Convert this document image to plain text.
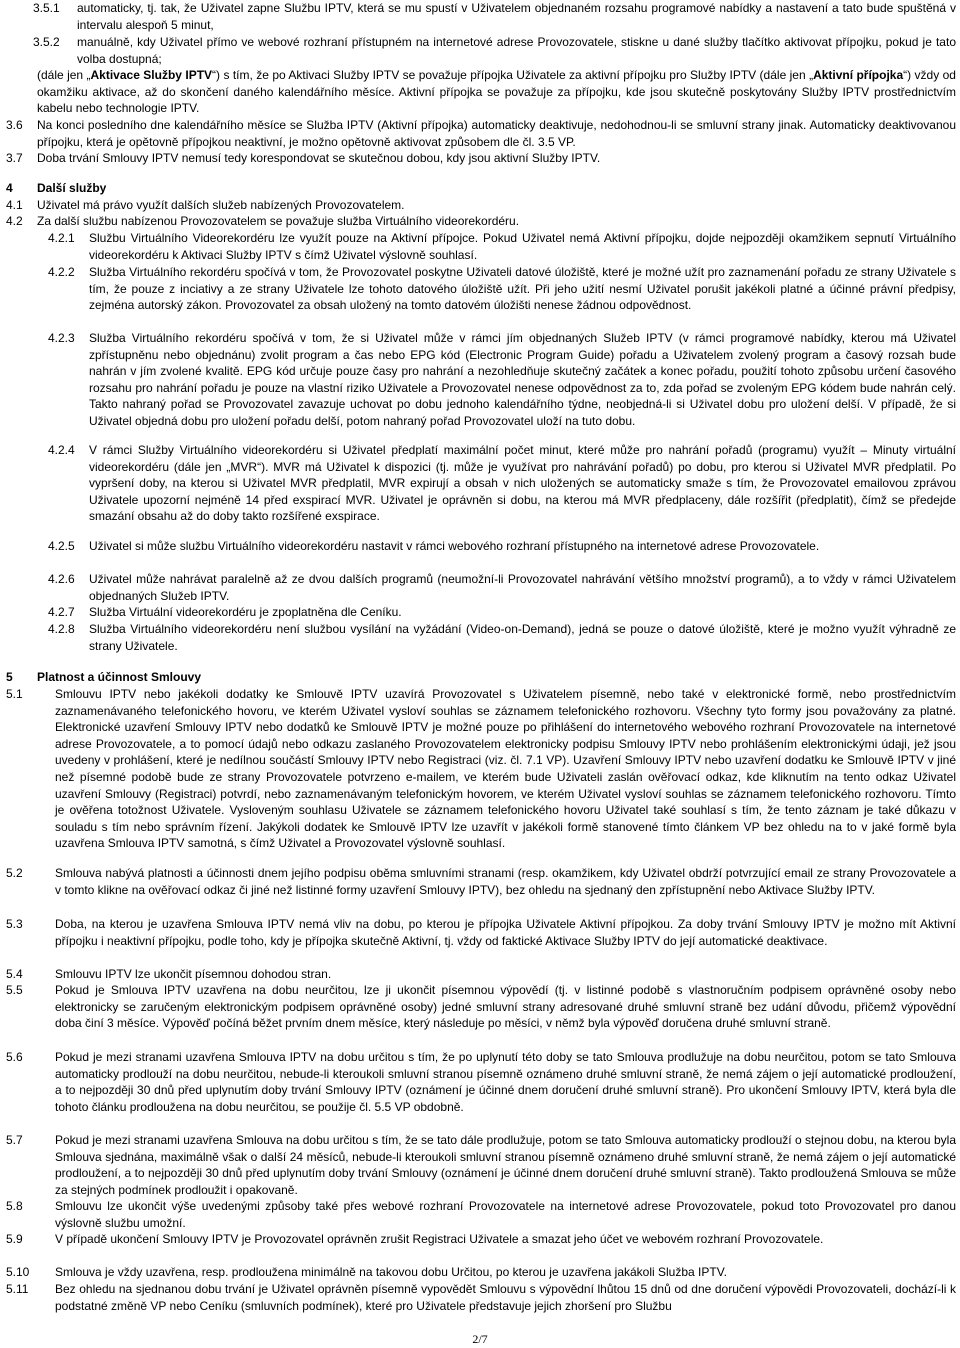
3.5.1 automaticky, tj. tak, že Uživatel zapne Službu IPTV, která se mu spustí v Uživatelem objednaném rozsahu programové nabídky a nastavení a tato bude spuštěná v intervalu alespoň 5 minut,
3.5.2 manuálně, kdy Uživatel přímo ve webové rozhraní přístupném na internetové adrese Provozovatele, stiskne u dané služby tlačítko aktivovat přípojku, pokud je tato volba dostupná;
(dále jen „Aktivace Služby IPTV“) s tím, že po Aktivaci Služby IPTV se považuje přípojka Uživatele za aktivní přípojku pro Služby IPTV (dále jen „Aktivní přípojka“) vždy od okamžiku aktivace, až do skončení daného kalendářního měsíce. Aktivní přípojka se považuje za přípojku, kde jsou skutečně poskytovány Služby IPTV prostřednictvím kabelu nebo technologie IPTV.
3.6 Na konci posledního dne kalendářního měsíce se Služba IPTV (Aktivní přípojka) automaticky deaktivuje, nedohodnou-li se smluvní strany jinak. Automaticky deaktivovanou přípojku, která je opětovně přípojkou neaktivní, je možno opětovně aktivovat způsobem dle čl. 3.5 VP.
3.7 Doba trvání Smlouvy IPTV nemusí tedy korespondovat se skutečnou dobou, kdy jsou aktivní Služby IPTV.
4 Další služby
4.1 Uživatel má právo využít dalších služeb nabízených Provozovatelem.
4.2 Za další službu nabízenou Provozovatelem se považuje služba Virtuálního videorekordéru.
4.2.1 Službu Virtuálního Videorekordéru lze využít pouze na Aktivní přípojce. Pokud Uživatel nemá Aktivní přípojku, dojde nejpozději okamžikem sepnutí Virtuálního videorekordéru k Aktivaci Služby IPTV s čímž Uživatel výslovně souhlasí.
4.2.2 Služba Virtuálního rekordéru spočívá v tom, že Provozovatel poskytne Uživateli datové úložiště, které je možné užít pro zaznamenání pořadu ze strany Uživatele s tím, že pouze z inciativy a ze strany Uživatele lze tohoto datového úložiště užít. Při jeho užití nesmí Uživatel porušit jakékoli platné a účinné právní předpisy, zejména autorský zákon. Provozovatel za obsah uložený na tomto datovém úložišti nenese žádnou odpovědnost.
4.2.3 Služba Virtuálního rekordéru spočívá v tom, že si Uživatel může v rámci jím objednaných Služeb IPTV (v rámci programové nabídky, kterou má Uživatel zpřístupněnu nebo objednánu) zvolit program a čas nebo EPG kód (Electronic Program Guide) pořadu a Uživatelem zvolený program a časový rozsah bude nahrán v jím zvolené kvalitě. EPG kód určuje pouze časy pro nahrání a nezohledňuje skutečný začátek a konec pořadu, použití tohoto způsobu určení časového rozsahu pro nahrání pořadu je pouze na vlastní riziko Uživatele a Provozovatel nenese odpovědnost za to, zda pořad se zvoleným EPG kódem bude nahrán celý. Takto nahraný pořad se Provozovatel zavazuje uchovat po dobu jednoho kalendářního týdne, neobjedná-li si Uživatel dobu pro uložení delší. V případě, že si Uživatel objedná dobu pro uložení pořadu delší, potom nahraný pořad Provozovatel uloží na tuto dobu.
4.2.4 V rámci Služby Virtuálního videorekordéru si Uživatel předplatí maximální počet minut, které může pro nahrání pořadů (programu) využít – Minuty virtuální videorekordéru (dále jen „MVR“). MVR má Uživatel k dispozici (tj. může je využívat pro nahrávání pořadů) po dobu, pro kterou si Uživatel MVR předplatil. Po vypršení doby, na kterou si Uživatel MVR předplatil, MVR expirují a obsah v nich uložených se automaticky smaže s tím, že Provozovatel emailovou zprávou Uživatele upozorní nejméně 14 před exspirací MVR. Uživatel je oprávněn si dobu, na kterou má MVR předplaceny, dále rozšířit (předplatit), čímž se předejde smazání obsahu až do doby takto rozšířené exspirace.
4.2.5 Uživatel si může službu Virtuálního videorekordéru nastavit v rámci webového rozhraní přístupného na internetové adrese Provozovatele.
4.2.6 Uživatel může nahrávat paralelně až ze dvou dalších programů (neumožní-li Provozovatel nahrávání většího množství programů), a to vždy v rámci Uživatelem objednaných Služeb IPTV.
4.2.7 Služba Virtuální videorekordéru je zpoplatněna dle Ceníku.
4.2.8 Služba Virtuálního videorekordéru není službou vysílání na vyžádání (Video-on-Demand), jedná se pouze o datové úložiště, které je možno využít výhradně ze strany Uživatele.
5 Platnost a účinnost Smlouvy
5.1	Smlouvu IPTV nebo jakékoli dodatky ke Smlouvě IPTV uzavírá Provozovatel s Uživatelem písemně, nebo také v elektronické formě, nebo prostřednictvím zaznamenávaného telefonického hovoru, ve kterém Uživatel vysloví souhlas se záznamem telefonického rozhovoru. Všechny tyto formy jsou považovány za platné. Elektronické uzavření Smlouvy IPTV nebo dodatků ke Smlouvě IPTV je možné pouze po přihlášení do internetového webového rozhraní Provozovatele na internetové adrese Provozovatele, a to pomocí údajů nebo odkazu zaslaného Provozovatelem elektronicky podpisu Smlouvy IPTV nebo prohlášením elektronickými údaji, jež jsou uvedeny v prohlášení, které je nedílnou součástí Smlouvy IPTV nebo Registraci (viz. čl. 7.1 VP). Uzavření Smlouvy IPTV nebo uzavření dodatku ke Smlouvě IPTV v jiné než písemné podobě bude ze strany Provozovatele potvrzeno e-mailem, ve kterém bude Uživateli zaslán ověřovací odkaz, kde kliknutím na tento odkaz Uživatel uzavření Smlouvy (Registraci) potvrdí, nebo zaznamenávaným telefonickým hovorem, ve kterém Uživatel vysloví souhlas se záznamem telefonického rozhovoru. Tímto je ověřena totožnost Uživatele. Vysloveným souhlasu Uživatele se záznamem telefonického hovoru Uživatel také souhlasí s tím, že tento záznam je také důkazu v souladu s tím nebo správním řízení. Jakýkoli dodatek ke Smlouvě IPTV lze uzavřít v jakékoli formě stanovené tímto článkem VP bez ohledu na to v jaké formě byla uzavřena Smlouva IPTV samotná, s čímž Uživatel a Provozovatel výslovně souhlasí.
5.2	Smlouva nabývá platnosti a účinnosti dnem jejího podpisu oběma smluvními stranami (resp. okamžikem, kdy Uživatel obdrží potvrzující email ze strany Provozovatele a v tomto klikne na ověřovací odkaz či jiné než listinné formy uzavření Smlouvy IPTV), bez ohledu na sjednaný den zpřístupnění nebo Aktivace Služby IPTV.
5.3	Doba, na kterou je uzavřena Smlouva IPTV nemá vliv na dobu, po kterou je přípojka Uživatele Aktivní přípojkou. Za doby trvání Smlouvy IPTV je možno mít Aktivní přípojku i neaktivní přípojku, podle toho, kdy je přípojka skutečně Aktivní, tj. vždy od faktické Aktivace Služby IPTV do její automatické deaktivace.
5.4	Smlouvu IPTV lze ukončit písemnou dohodou stran.
5.5	Pokud je Smlouva IPTV uzavřena na dobu neurčitou, lze ji ukončit písemnou výpovědí (tj. v listinné podobě s vlastnoručním podpisem oprávněné osoby nebo elektronicky se zaručeným elektronickým podpisem oprávněné osoby) jedné smluvní strany adresované druhé smluvní straně bez udání důvodu, přičemž výpovědní doba činí 3 měsíce. Výpověď počíná běžet prvním dnem měsíce, který následuje po měsíci, v němž byla výpověď doručena druhé smluvní straně.
5.6	Pokud je mezi stranami uzavřena Smlouva IPTV na dobu určitou s tím, že po uplynutí této doby se tato Smlouva prodlužuje na dobu neurčitou, potom se tato Smlouva automaticky prodlouží na dobu neurčitou, nebude-li kteroukoli smluvní stranou písemně oznámeno druhé smluvní straně, že nemá zájem o její automatické prodloužení, a to nejpozději 30 dnů před uplynutím doby trvání Smlouvy IPTV (oznámení je účinné dnem doručení druhé smluvní straně). Pro ukončení Smlouvy IPTV, která byla dle tohoto článku prodloužena na dobu neurčitou, se použije čl. 5.5 VP obdobně.
5.7	Pokud je mezi stranami uzavřena Smlouva na dobu určitou s tím, že se tato dále prodlužuje, potom se tato Smlouva automaticky prodlouží o stejnou dobu, na kterou byla Smlouva sjednána, maximálně však o další 24 měsíců, nebude-li kteroukoli smluvní stranou písemně oznámeno druhé smluvní straně, že nemá zájem o její automatické prodloužení, a to nejpozději 30 dnů před uplynutím doby trvání Smlouvy (oznámení je účinné dnem doručení druhé smluvní straně). Takto prodloužená Smlouva se může za stejných podmínek prodloužit i opakovaně.
5.8	Smlouvu lze ukončit výše uvedenými způsoby také přes webové rozhraní Provozovatele na internetové adrese Provozovatele, pokud toto Provozovatel pro danou výslovně službu umožní.
5.9	V případě ukončení Smlouvy IPTV je Provozovatel oprávněn zrušit Registraci Uživatele a smazat jeho účet ve webovém rozhraní Provozovatele.
5.10 Smlouva je vždy uzavřena, resp. prodloužena minimálně na takovou dobu Určitou, po kterou je uzavřena jakákoli Služba IPTV.
5.11 Bez ohledu na sjednanou dobu trvání je Uživatel oprávněn písemně vypovědět Smlouvu s výpovědní lhůtou 15 dnů od dne doručení výpovědi Provozovateli, dochází-li k podstatné změně VP nebo Ceníku (smluvních podmínek), které pro Uživatele představuje jejich zhoršení pro Službu
2/7
